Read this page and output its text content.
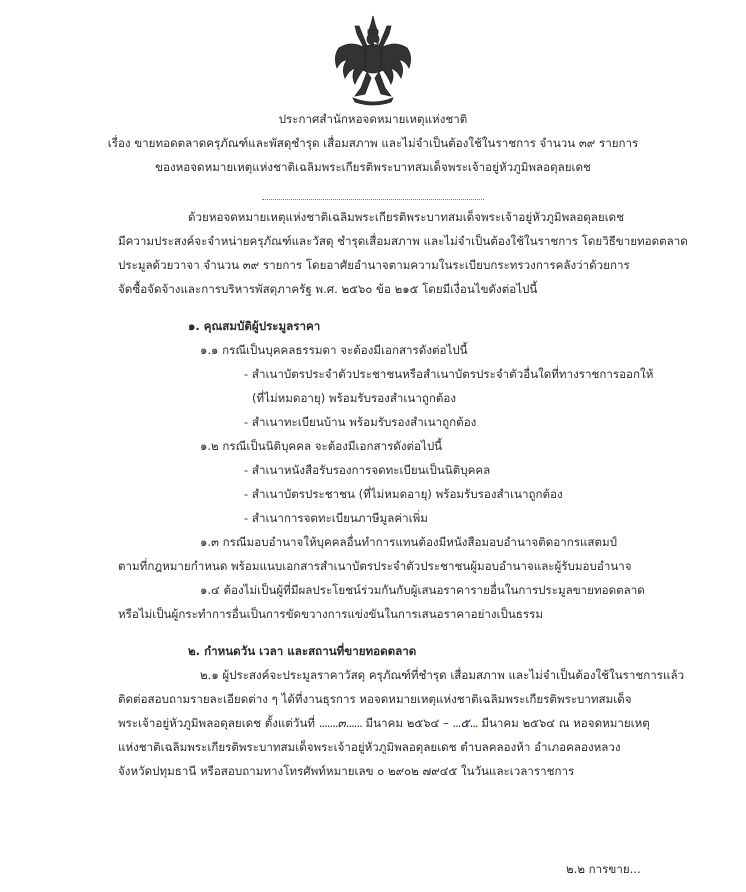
ประกาศสำนักหอจดหมายเหตุแห่งชาติ
เรื่อง ขายทอดตลาดครุภัณฑ์และพัสดุชำรุด เสื่อมสภาพ และไม่จำเป็นต้องใช้ในราชการ จำนวน ๓๙ รายการ
ของหอจดหมายเหตุแห่งชาติเฉลิมพระเกียรติพระบาทสมเด็จพระเจ้าอยู่หัวภูมิพลอดุลยเดช
ด้วยหอจดหมายเหตุแห่งชาติเฉลิมพระเกียรติพระบาทสมเด็จพระเจ้าอยู่หัวภูมิพลอดุลยเดช
มีความประสงค์จะจำหน่ายครุภัณฑ์และวัสดุ ชำรุดเสื่อมสภาพ และไม่จำเป็นต้องใช้ในราชการ โดยวิธีขายทอดตลาด
ประมูลด้วยวาจา จำนวน ๓๙ รายการ โดยอาศัยอำนาจตามความในระเบียบกระทรวงการคลังว่าด้วยการ
จัดซื้อจัดจ้างและการบริหารพัสดุภาครัฐ พ.ศ. ๒๕๖๐ ข้อ ๒๑๕ โดยมีเงื่อนไขดังต่อไปนี้
๑. คุณสมบัติผู้ประมูลราคา
๑.๑ กรณีเป็นบุคคลธรรมดา จะต้องมีเอกสารดังต่อไปนี้
- สำเนาบัตรประจำตัวประชาชนหรือสำเนาบัตรประจำตัวอื่นใดที่ทางราชการออกให้
(ที่ไม่หมดอายุ) พร้อมรับรองสำเนาถูกต้อง
- สำเนาทะเบียนบ้าน พร้อมรับรองสำเนาถูกต้อง
๑.๒ กรณีเป็นนิติบุคคล จะต้องมีเอกสารดังต่อไปนี้
- สำเนาหนังสือรับรองการจดทะเบียนเป็นนิติบุคคล
- สำเนาบัตรประชาชน (ที่ไม่หมดอายุ) พร้อมรับรองสำเนาถูกต้อง
- สำเนาการจดทะเบียนภาษีมูลค่าเพิ่ม
๑.๓ กรณีมอบอำนาจให้บุคคลอื่นทำการแทนต้องมีหนังสือมอบอำนาจติดอากรแสตมป์
ตามที่กฎหมายกำหนด พร้อมแนบเอกสารสำเนาบัตรประจำตัวประชาชนผู้มอบอำนาจและผู้รับมอบอำนาจ
๑.๔ ต้องไม่เป็นผู้ที่มีผลประโยชน์ร่วมกันกับผู้เสนอราคารายอื่นในการประมูลขายทอดตลาด
หรือไม่เป็นผู้กระทำการอื่นเป็นการขัดขวางการแข่งขันในการเสนอราคาอย่างเป็นธรรม
๒. กำหนดวัน เวลา และสถานที่ขายทอดตลาด
๒.๑ ผู้ประสงค์จะประมูลราคาวัสดุ ครุภัณฑ์ที่ชำรุด เสื่อมสภาพ และไม่จำเป็นต้องใช้ในราชการแล้ว
ติดต่อสอบถามรายละเอียดต่าง ๆ ได้ที่งานธุรการ หอจดหมายเหตุแห่งชาติเฉลิมพระเกียรติพระบาทสมเด็จ
พระเจ้าอยู่หัวภูมิพลอดุลยเดช ตั้งแต่วันที่ .......๓...... มีนาคม ๒๕๖๔ – ...๕... มีนาคม ๒๕๖๔ ณ หอจดหมายเหตุ
แห่งชาติเฉลิมพระเกียรติพระบาทสมเด็จพระเจ้าอยู่หัวภูมิพลอดุลยเดช ตำบลคลองห้า อำเภอคลองหลวง
จังหวัดปทุมธานี หรือสอบถามทางโทรศัพท์หมายเลข ๐ ๒๙๐๒ ๗๙๔๕ ในวันและเวลาราชการ
๒.๒ การขาย...
